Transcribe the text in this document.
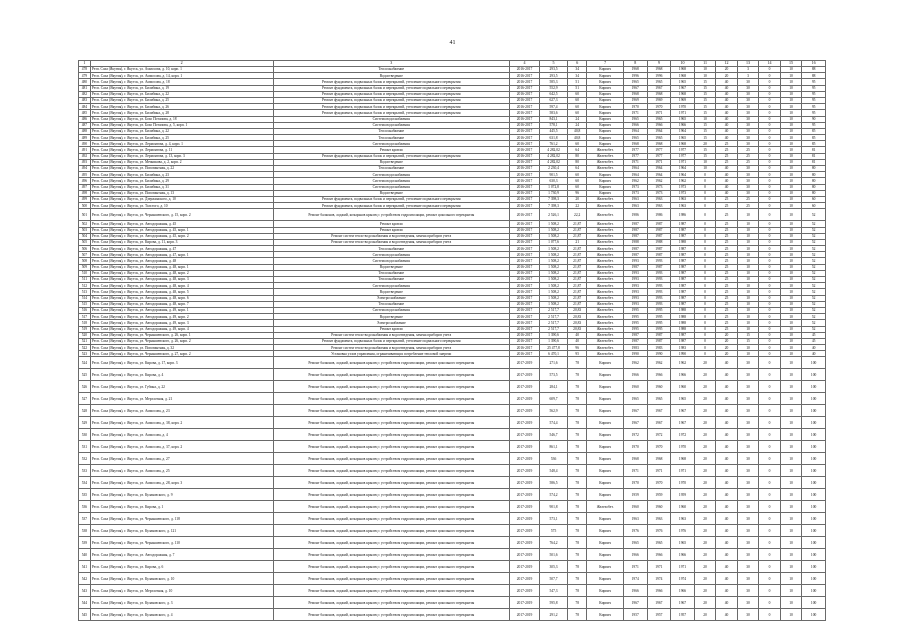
41
1	2	3	4	5	6	7	8	9	10	11	12	13	14	15	16
478	Резп. Саха (Якутия), г. Якутск, ул. Аммосова, д. 10, корп. 1	Теплоснабжение	2016-2017	293,5	34	Кирпич	1968	1968	1968	10	20	3	0	10	88
479	Респ. Саха (Якутия), г. Якутск, ул. Аммосова, д. 14, корп. 1	Водоотведение	2016-2017	293,5	34	Кирпич	1996	1996	1968	10	20	3	0	10	88
480	Респ. Саха (Якутия), г. Якутск, ул. Аммосова, д. 18	Ремонт фундамента, подвальных балок и перекрытий, утепление подвального перекрытия	2016-2017	585,3	51	Кирпич	1965	1965	1965	15	40	30	0	10	95
481	Респ. Саха (Якутия), г. Якутск, ул. Билибина, д. 19	Ремонт фундамента, подвальных балок и перекрытий, утепление подвального перекрытия	2016-2017	552,9	51	Кирпич	1967	1967	1967	15	40	30	0	10	95
482	Респ. Саха (Якутия), г. Якутск, ул. Билибина, д. 22	Ремонт фундамента, подвальных балок и перекрытий, утепление подвального перекрытия	2016-2017	642,5	60	Кирпич	1968	1968	1968	15	40	30	0	10	95
483	Респ. Саха (Якутия), г. Якутск, ул. Билибина, д. 25	Ремонт фундамента, подвальных балок и перекрытий, утепление подвального перекрытия	2016-2017	627,3	60	Кирпич	1969	1969	1969	15	40	30	0	10	95
484	Респ. Саха (Якутия), г. Якутск, ул. Билибина, д. 26	Ремонт фундамента, подвальных балок и перекрытий, утепление подвального перекрытия	2016-2017	597,4	60	Кирпич	1970	1970	1970	15	40	30	0	10	95
485	Респ. Саха (Якутия), г. Якутск, ул. Билибина, д. 28	Ремонт фундамента, подвальных балок и перекрытий, утепление подвального перекрытия	2016-2017	583,6	60	Кирпич	1971	1971	1971	15	40	30	0	10	95
486	Респ. Саха (Якутия), г. Якутск, ул. Бохо Потапова, д. 18	Система водоснабжения	2016-2017	843,1	24	Кирпич	1965	1965	1965	10	40	30	0	10	90
487	Респ. Саха (Якутия), г. Якутск, ул. Бохо Потапова, д. 5, корп. 1	Система водоснабжения	2016-2017	578,1	24	Кирпич	1966	1966	1966	15	40	30	0	10	95
488	Респ. Саха (Якутия), г. Якутск, ул. Билибина, д. 22	Теплоснабжение	2016-2017	445,5	40,8	Кирпич	1964	1964	1964	15	40	30	0	10	85
489	Респ. Саха (Якутия), г. Якутск, ул. Билибина, д. 25	Теплоснабжение	2016-2017	631,8	40,8	Кирпич	1965	1965	1965	15	40	30	0	10	85
490	Респ. Саха (Якутия), г. Якутск, ул. Лермонтова, д. 4, корп. 1	Система водоснабжения	2016-2017	761,2	60	Кирпич	1968	1968	1968	20	25	30	0	10	85
491	Респ. Саха (Якутия), г. Якутск, ул. Лермонтова, д. 11	Ремонт кровли	2016-2017	4 282,02	64	Железобет.	1977	1977	1977	15	25	25	0	10	81
492	Респ. Саха (Якутия), г. Якутск, ул. Лермонтова, д. 13, корп. 3	Ремонт фундамента, подвальных балок и перекрытий, утепление подвального перекрытия	2016-2017	4 282,02	80	Железобет.	1977	1977	1977	15	25	25	0	10	81
493	Респ. Саха (Якутия), г. Якутск, ул. Мечникова, д. 2, корп. 2	Водоотведение	2016-2017	4 282,02	80	Железобет.	1971	1971	1971	10	25	25	0	10	81
494	Респ. Саха (Якутия), г. Якутск, ул. Поповантная, д. 22	Теплоснабжение	2016-2017	2 230,4	64	Железобет.	1964	1964	1964	10	40	30	0	10	80
495	Респ. Саха (Якутия), г. Якутск, ул. Билибина, д. 23	Система водоснабжения	2016-2017	901,5	60	Кирпич	1964	1964	1964	0	40	30	0	10	80
496	Респ. Саха (Якутия), г. Якутск, ул. Билибина, д. 29	Система водоснабжения	2016-2017	630,3	60	Кирпич	1962	1962	1962	0	40	30	0	10	80
497	Респ. Саха (Якутия), г. Якутск, ул. Билибина, д. 31	Система водоснабжения	2016-2017	1 072,8	60	Кирпич	1973	1973	1973	0	40	30	0	10	80
498	Респ. Саха (Якутия), г. Якутск, ул. Поповантная, д. 13	Водоотведение	2016-2017	1 730,9	96	Кирпич	1973	1973	1973	0	40	30	0	10	80
499	Респ. Саха (Якутия), г. Якутск, ул. Дзержинского, д. 10	Ремонт фундамента, подвальных балок и перекрытий, утепление подвального перекрытия	2016-2017	7 398,3	20	Железобет.	1963	1963	1963	0	25	25	0	10	60
500	Респ. Саха (Якутия), г. Якутск, ул. Толстого, д. 10	Ремонт фундамента, подвальных балок и перекрытий, утепление подвального перекрытия	2016-2017	7 398,3	22	Железобет.	1963	1963	1963	0	25	25	0	10	60
501	Респ. Саха (Якутия), г. Якутск, ул. Чернышевского, д. 15, корп. 2	Ремонт балконов, лоджий, козырьков крылец с устройством гидроизоляции, ремонт цокольного перекрытия	2016-2017	2 526,1	22,2	Железобет.	1986	1986	1986	0	25	10	0	10	52
502	Респ. Саха (Якутия), г. Якутск, ул. Автодорожная, д. 45	Ремонт кровли	2016-2017	1 508,2	21,87	Железобет.	1987	1987	1987	0	25	10	0	10	52
503	Респ. Саха (Якутия), г. Якутск, ул. Автодорожная, д. 45, корп. 1	Ремонт кровли	2016-2017	1 508,2	21,87	Железобет.	1987	1987	1987	0	25	10	0	10	52
504	Респ. Саха (Якутия), г. Якутск, ул. Автодорожная, д. 45, корп. 2	Ремонт систем тепло-водоснабжения и водоотведения, замена приборов учета	2016-2017	1 508,2	21,87	Железобет.	1987	1987	1987	0	25	10	0	10	52
505	Респ. Саха (Якутия), г. Якутск, ул. Кирова, д. 11, корп. 3	Ремонт систем тепло-водоснабжения и водоотведения, замена приборов учета	2016-2017	1 077,6	21	Железобет.	1988	1988	1988	0	25	10	0	10	52
506	Респ. Саха (Якутия), г. Якутск, ул. Автодорожная, д. 47	Теплоснабжение	2016-2017	1 508,2	21,87	Железобет.	1987	1987	1987	0	25	10	0	10	52
507	Респ. Саха (Якутия), г. Якутск, ул. Автодорожная, д. 47, корп. 1	Система водоснабжения	2016-2017	1 508,2	21,87	Железобет.	1987	1987	1987	0	25	10	0	10	52
508	Респ. Саха (Якутия), г. Якутск, ул. Автодорожная, д. 48	Система водоснабжения	2016-2017	1 508,2	21,87	Железобет.	1993	1993	1987	0	25	10	0	10	52
509	Респ. Саха (Якутия), г. Якутск, ул. Автодорожная, д. 48, корп. 1	Водоотведение	2016-2017	1 508,2	21,87	Железобет.	1987	1987	1987	0	25	10	0	10	52
510	Респ. Саха (Якутия), г. Якутск, ул. Автодорожная, д. 48, корп. 2	Теплоснабжение	2016-2017	1 508,2	21,87	Железобет.	1993	1993	1987	0	25	10	0	10	52
511	Респ. Саха (Якутия), г. Якутск, ул. Автодорожная, д. 48, корп. 3	Теплоснабжение	2016-2017	1 508,2	21,87	Железобет.	1993	1993	1987	0	25	10	0	10	52
512	Респ. Саха (Якутия), г. Якутск, ул. Автодорожная, д. 48, корп. 4	Система водоснабжения	2016-2017	1 508,2	21,87	Железобет.	1993	1993	1987	0	25	10	0	10	52
513	Респ. Саха (Якутия), г. Якутск, ул. Автодорожная, д. 48, корп. 5	Водоотведение	2016-2017	1 508,2	21,87	Железобет.	1993	1993	1987	0	25	10	0	10	52
514	Респ. Саха (Якутия), г. Якутск, ул. Автодорожная, д. 48, корп. 6	Электроснабжение	2016-2017	1 508,2	21,87	Железобет.	1993	1993	1987	0	25	10	0	10	52
515	Респ. Саха (Якутия), г. Якутск, ул. Автодорожная, д. 48, корп. 7	Теплоснабжение	2016-2017	1 508,2	21,87	Железобет.	1993	1993	1987	0	25	10	0	10	52
516	Респ. Саха (Якутия), г. Якутск, ул. Автодорожная, д. 49, корп. 1	Система водоснабжения	2016-2017	2 517,7	20,83	Железобет.	1995	1995	1988	0	25	10	0	10	52
517	Респ. Саха (Якутия), г. Якутск, ул. Автодорожная, д. 49, корп. 2	Водоотведение	2016-2017	2 517,7	20,83	Железобет.	1995	1995	1988	0	25	10	0	10	52
518	Респ. Саха (Якутия), г. Якутск, ул. Автодорожная, д. 49, корп. 3	Электроснабжение	2016-2017	2 517,7	20,83	Железобет.	1995	1995	1988	0	25	10	0	10	52
519	Респ. Саха (Якутия), г. Якутск, ул. Автодорожная, д. 49, корп. 4	Ремонт кровли	2016-2017	2 517,7	20,83	Железобет.	1995	1995	1988	0	25	10	0	10	52
520	Респ. Саха (Якутия), г. Якутск, ул. Чернышевского, д. 26, корп. 1	Ремонт систем тепло-водоснабжения и водоотведения, замена приборов учета	2016-2017	1 390,6	40	Железобет.	1987	1987	1987	0	20	15	0	10	45
521	Респ. Саха (Якутия), г. Якутск, ул. Чернышевского, д. 26, корп. 2	Ремонт фундамента, подвальных балок и перекрытий, утепление подвального перекрытия	2016-2017	1 390,6	40	Железобет.	1987	1987	1987	0	20	15	0	10	45
522	Респ. Саха (Якутия), г. Якутск, ул. Поповантная, д. 32	Ремонт систем тепло-водоснабжения и водоотведения, замена приборов учета	2016-2017	25 477,8	96	Железобет.	1983	1983	1983	0	20	10	0	10	40
523	Респ. Саха (Якутия), г. Якутск, ул. Чернышевского, д. 27, корп. 2	Установка узлов управления, ограничивающих потребление тепловой энергии	2016-2017	6 470,1	95	Железобет.	1990	1990	1990	0	20	10	0	10	40
524	Респ. Саха (Якутия), г. Якутск, ул. Кирова, д. 17, корп. 3	Ремонт балконов, лоджий, козырьков крылец с устройством гидроизоляции, ремонт цокольного перекрытия	2017-2019	271,6	78	Кирпич	1962	1962	1962	20	40	30	0	10	100
525	Респ. Саха (Якутия), г. Якутск, ул. Кирова, д. 4	Ремонт балконов, лоджий, козырьков крылец с устройством гидроизоляции, ремонт цокольного перекрытия	2017-2019	573,5	78	Кирпич	1966	1966	1966	20	40	30	0	10	100
526	Респ. Саха (Якутия), г. Якутск, ул. Губина, д. 22	Ремонт балконов, лоджий, козырьков крылец с устройством гидроизоляции, ремонт цокольного перекрытия	2017-2019	284,1	78	Кирпич	1960	1960	1960	20	40	30	0	10	100
527	Респ. Саха (Якутия), г. Якутск, ул. Мерзлотная, д. 21	Ремонт балконов, лоджий, козырьков крылец с устройством гидроизоляции, ремонт цокольного перекрытия	2017-2019	609,7	78	Кирпич	1965	1965	1965	20	40	30	0	10	100
528	Респ. Саха (Якутия), г. Якутск, ул. Аммосова, д. 23	Ремонт балконов, лоджий, козырьков крылец с устройством гидроизоляции, ремонт цокольного перекрытия	2017-2019	562,9	78	Кирпич	1967	1967	1967	20	40	30	0	10	100
529	Респ. Саха (Якутия), г. Якутск, ул. Аммосова, д. 38, корп. 2	Ремонт балконов, лоджий, козырьков крылец с устройством гидроизоляции, ремонт цокольного перекрытия	2017-2019	574,4	78	Кирпич	1967	1967	1967	20	40	30	0	10	100
530	Респ. Саха (Якутия), г. Якутск, ул. Аммосова, д. 4	Ремонт балконов, лоджий, козырьков крылец с устройством гидроизоляции, ремонт цокольного перекрытия	2017-2019	546,7	78	Кирпич	1972	1972	1972	20	40	30	0	10	100
531	Респ. Саха (Якутия), г. Якутск, ул. Аммосова, д. 37, корп. 2	Ремонт балконов, лоджий, козырьков крылец с устройством гидроизоляции, ремонт цокольного перекрытия	2017-2019	861,1	78	Кирпич	1970	1970	1970	20	40	30	0	10	100
532	Респ. Саха (Якутия), г. Якутск, ул. Аммосова, д. 27	Ремонт балконов, лоджий, козырьков крылец с устройством гидроизоляции, ремонт цокольного перекрытия	2017-2019	536	78	Кирпич	1968	1968	1968	20	40	30	0	10	100
533	Респ. Саха (Якутия), г. Якутск, ул. Аммосова, д. 25	Ремонт балконов, лоджий, козырьков крылец с устройством гидроизоляции, ремонт цокольного перекрытия	2017-2019	548,4	78	Кирпич	1971	1971	1971	20	40	30	0	10	100
534	Респ. Саха (Якутия), г. Якутск, ул. Аммосова, д. 28, корп. 3	Ремонт балконов, лоджий, козырьков крылец с устройством гидроизоляции, ремонт цокольного перекрытия	2017-2019	586,5	78	Кирпич	1970	1970	1970	20	40	30	0	10	100
535	Респ. Саха (Якутия), г. Якутск, ул. Кулаковского, д. 9	Ремонт балконов, лоджий, козырьков крылец с устройством гидроизоляции, ремонт цокольного перекрытия	2017-2019	574,2	78	Кирпич	1959	1959	1959	20	40	30	0	10	100
536	Респ. Саха (Якутия), г. Якутск, ул. Кирова, д. 1	Ремонт балконов, лоджий, козырьков крылец с устройством гидроизоляции, ремонт цокольного перекрытия	2017-2019	901,8	78	Железобет.	1960	1960	1960	20	40	30	0	10	100
537	Респ. Саха (Якутия), г. Якутск, ул. Чернышевского, д. 118	Ремонт балконов, лоджий, козырьков крылец с устройством гидроизоляции, ремонт цокольного перекрытия	2017-2019	573,1	78	Кирпич	1963	1963	1963	20	40	30	0	10	100
538	Респ. Саха (Якутия), г. Якутск, ул. Кулаковского, д. 121	Ремонт балконов, лоджий, козырьков крылец с устройством гидроизоляции, ремонт цокольного перекрытия	2017-2019	575	78	Кирпич	1976	1976	1976	20	40	30	0	10	100
539	Респ. Саха (Якутия), г. Якутск, ул. Чернышевского, д. 110	Ремонт балконов, лоджий, козырьков крылец с устройством гидроизоляции, ремонт цокольного перекрытия	2017-2019	764,2	78	Кирпич	1965	1965	1965	20	40	30	0	10	100
540	Респ. Саха (Якутия), г. Якутск, ул. Автодорожная, д. 7	Ремонт балконов, лоджий, козырьков крылец с устройством гидроизоляции, ремонт цокольного перекрытия	2017-2019	501,6	78	Кирпич	1966	1966	1966	20	40	30	0	10	100
541	Респ. Саха (Якутия), г. Якутск, ул. Кирова, д. 6	Ремонт балконов, лоджий, козырьков крылец с устройством гидроизоляции, ремонт цокольного перекрытия	2017-2019	305,3	78	Кирпич	1971	1971	1971	20	40	30	0	10	100
542	Респ. Саха (Якутия), г. Якутск, ул. Кулаковского, д. 10	Ремонт балконов, лоджий, козырьков крылец с устройством гидроизоляции, ремонт цокольного перекрытия	2017-2019	507,7	78	Кирпич	1974	1974	1974	20	40	30	0	10	100
543	Респ. Саха (Якутия), г. Якутск, ул. Мерзлотная, д. 10	Ремонт балконов, лоджий, козырьков крылец с устройством гидроизоляции, ремонт цокольного перекрытия	2017-2019	547,3	78	Кирпич	1966	1966	1966	20	40	30	0	10	100
544	Респ. Саха (Якутия), г. Якутск, ул. Кулаковского, д. 3	Ремонт балконов, лоджий, козырьков крылец с устройством гидроизоляции, ремонт цокольного перекрытия	2017-2019	595,8	78	Кирпич	1967	1967	1967	20	40	30	0	10	100
545	Респ. Саха (Якутия), г. Якутск, ул. Кулаковского, д. 4	Ремонт балконов, лоджий, козырьков крылец с устройством гидроизоляции, ремонт цокольного перекрытия	2017-2019	291,2	78	Кирпич	1957	1957	1957	20	40	30	0	10	100
